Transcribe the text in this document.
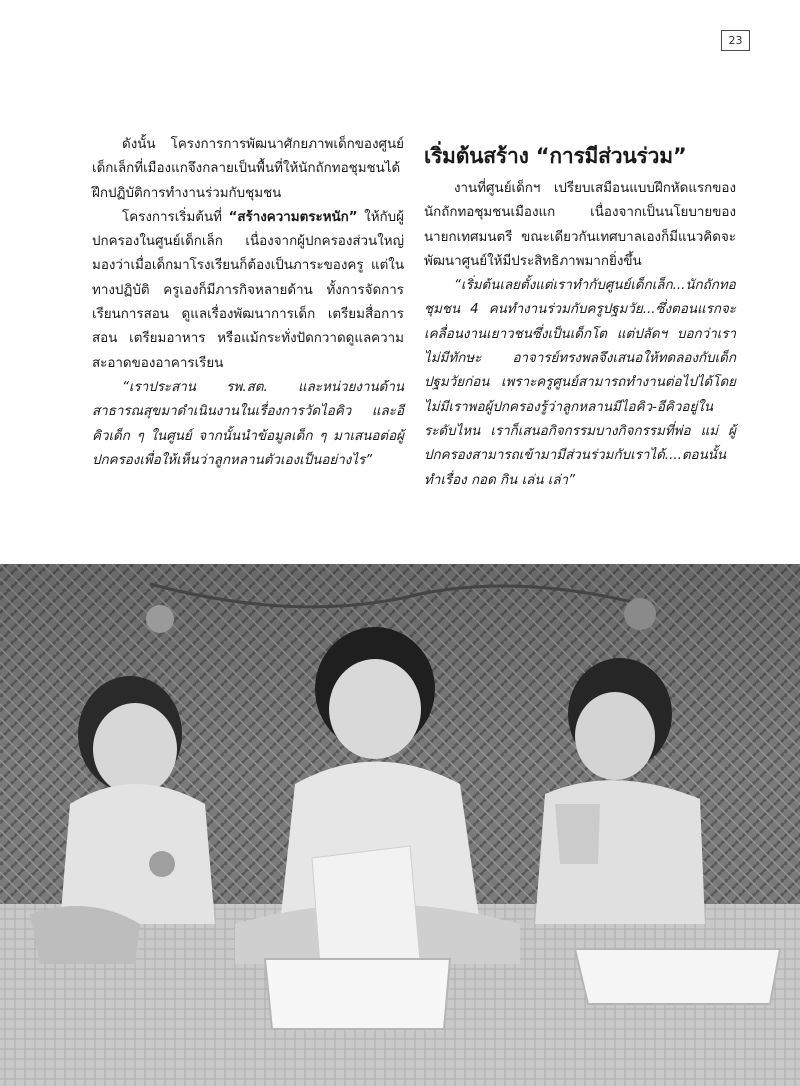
23

ดังนั้น โครงการการพัฒนาศักยภาพเด็กของศูนย์เด็กเล็กที่เมืองแกจึงกลายเป็นพื้นที่ให้นักถักทอชุมชนได้ฝึกปฏิบัติการทำงานร่วมกับชุมชน

โครงการเริ่มต้นที่ “สร้างความตระหนัก” ให้กับผู้ปกครองในศูนย์เด็กเล็ก เนื่องจากผู้ปกครองส่วนใหญ่มองว่าเมื่อเด็กมาโรงเรียนก็ต้องเป็นภาระของครู แต่ในทางปฏิบัติ ครูเองก็มีภารกิจหลายด้าน ทั้งการจัดการเรียนการสอน ดูแลเรื่องพัฒนาการเด็ก เตรียมสื่อการสอน เตรียมอาหาร หรือแม้กระทั่งปัดกวาดดูแลความสะอาดของอาคารเรียน

“เราประสาน รพ.สต. และหน่วยงานด้านสาธารณสุขมาดำเนินงานในเรื่องการวัดไอคิว และอีคิวเด็ก ๆ ในศูนย์ จากนั้นนำข้อมูลเด็ก ๆ มาเสนอต่อผู้ปกครองเพื่อให้เห็นว่าลูกหลานตัวเองเป็นอย่างไร”

เริ่มต้นสร้าง “การมีส่วนร่วม”

งานที่ศูนย์เด็กฯ เปรียบเสมือนแบบฝึกหัดแรกของนักถักทอชุมชนเมืองแก เนื่องจากเป็นนโยบายของนายกเทศมนตรี ขณะเดียวกันเทศบาลเองก็มีแนวคิดจะพัฒนาศูนย์ให้มีประสิทธิภาพมากยิ่งขึ้น

“เริ่มต้นเลยตั้งแต่เราทำกับศูนย์เด็กเล็ก...นักถักทอชุมชน 4 คนทำงานร่วมกับครูปฐมวัย...ซึ่งตอนแรกจะเคลื่อนงานเยาวชนซึ่งเป็นเด็กโต แต่ปลัดฯ บอกว่าเราไม่มีทักษะ อาจารย์ทรงพลจึงเสนอให้ทดลองกับเด็กปฐมวัยก่อน เพราะครูศูนย์สามารถทำงานต่อไปได้โดยไม่มีเราพอผู้ปกครองรู้ว่าลูกหลานมีไอคิว-อีคิวอยู่ในระดับไหน เราก็เสนอกิจกรรมบางกิจกรรมที่พ่อ แม่ ผู้ปกครองสามารถเข้ามามีส่วนร่วมกับเราได้....ตอนนั้นทำเรื่อง กอด กิน เล่น เล่า”
